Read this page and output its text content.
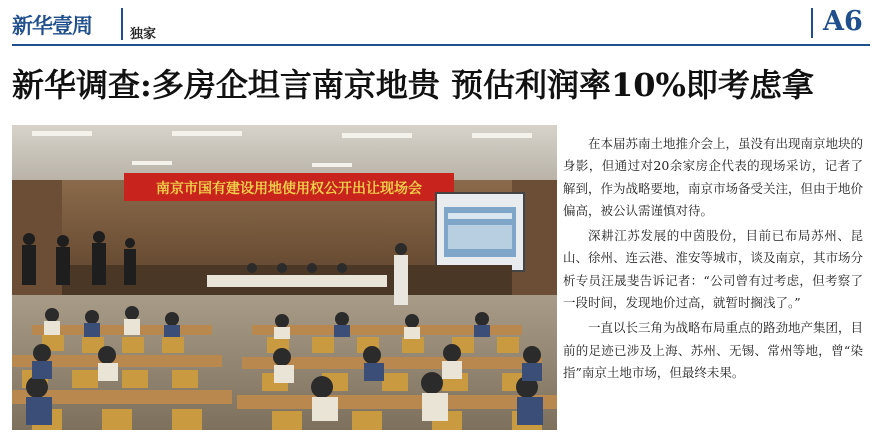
新华壹周	独家	A6
新华调查:多房企坦言南京地贵 预估利润率10%即考虑拿
南京市国有建设用地使用权公开出让现场会

在本届苏南土地推介会上，虽没有出现南京地块的身影，但通过对20余家房企代表的现场采访，记者了解到，作为战略要地，南京市场备受关注，但由于地价偏高，被公认需谨慎对待。

深耕江苏发展的中茵股份，目前已布局苏州、昆山、徐州、连云港、淮安等城市，谈及南京，其市场分析专员汪晟斐告诉记者：“公司曾有过考虑，但考察了一段时间，发现地价过高，就暂时搁浅了。”

一直以长三角为战略布局重点的路劲地产集团，目前的足迹已涉及上海、苏州、无锡、常州等地，曾“染指”南京土地市场，但最终未果。
